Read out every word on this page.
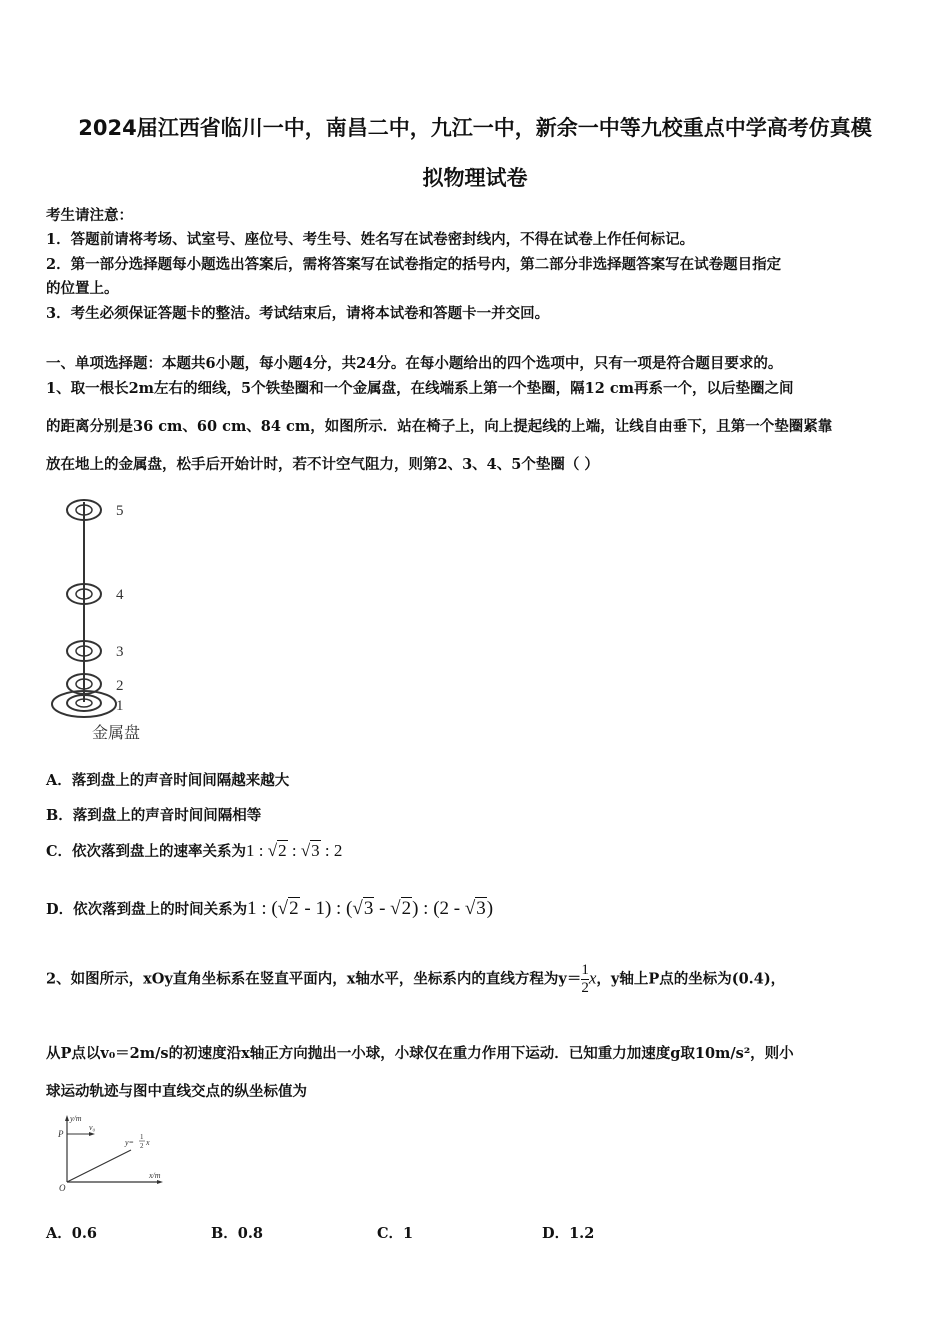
2024届江西省临川一中，南昌二中，九江一中，新余一中等九校重点中学高考仿真模
拟物理试卷
考生请注意：
1．答题前请将考场、试室号、座位号、考生号、姓名写在试卷密封线内，不得在试卷上作任何标记。
2．第一部分选择题每小题选出答案后，需将答案写在试卷指定的括号内，第二部分非选择题答案写在试卷题目指定
的位置上。
3．考生必须保证答题卡的整洁。考试结束后，请将本试卷和答题卡一并交回。
一、单项选择题：本题共6小题，每小题4分，共24分。在每小题给出的四个选项中，只有一项是符合题目要求的。
1、取一根长2m左右的细线，5个铁垫圈和一个金属盘，在线端系上第一个垫圈，隔12 cm再系一个，以后垫圈之间
的距离分别是36 cm、60 cm、84 cm，如图所示．站在椅子上，向上提起线的上端，让线自由垂下，且第一个垫圈紧靠
放在地上的金属盘，松手后开始计时，若不计空气阻力，则第2、3、4、5个垫圈（ ）
5
4
3
2
1
金属盘
A．落到盘上的声音时间间隔越来越大
B．落到盘上的声音时间间隔相等
C．依次落到盘上的速率关系为1 : √2 : √3 : 2
D．依次落到盘上的时间关系为1 : (√2 - 1) : (√3 - √2) : (2 - √3)
2、如图所示，xOy直角坐标系在竖直平面内，x轴水平，坐标系内的直线方程为$y= \frac{1}{2}$ x，y轴上P点的坐标为(0.4)，
从P点以v₀＝2m/s的初速度沿x轴正方向抛出一小球，小球仅在重力作用下运动．已知重力加速度g取10m/s²，则小
球运动轨迹与图中直线交点的纵坐标值为
y/m
x/m
P
v₀
O
y=
1
2 x
A．0.6	B．0.8	C．1	D．1.2
